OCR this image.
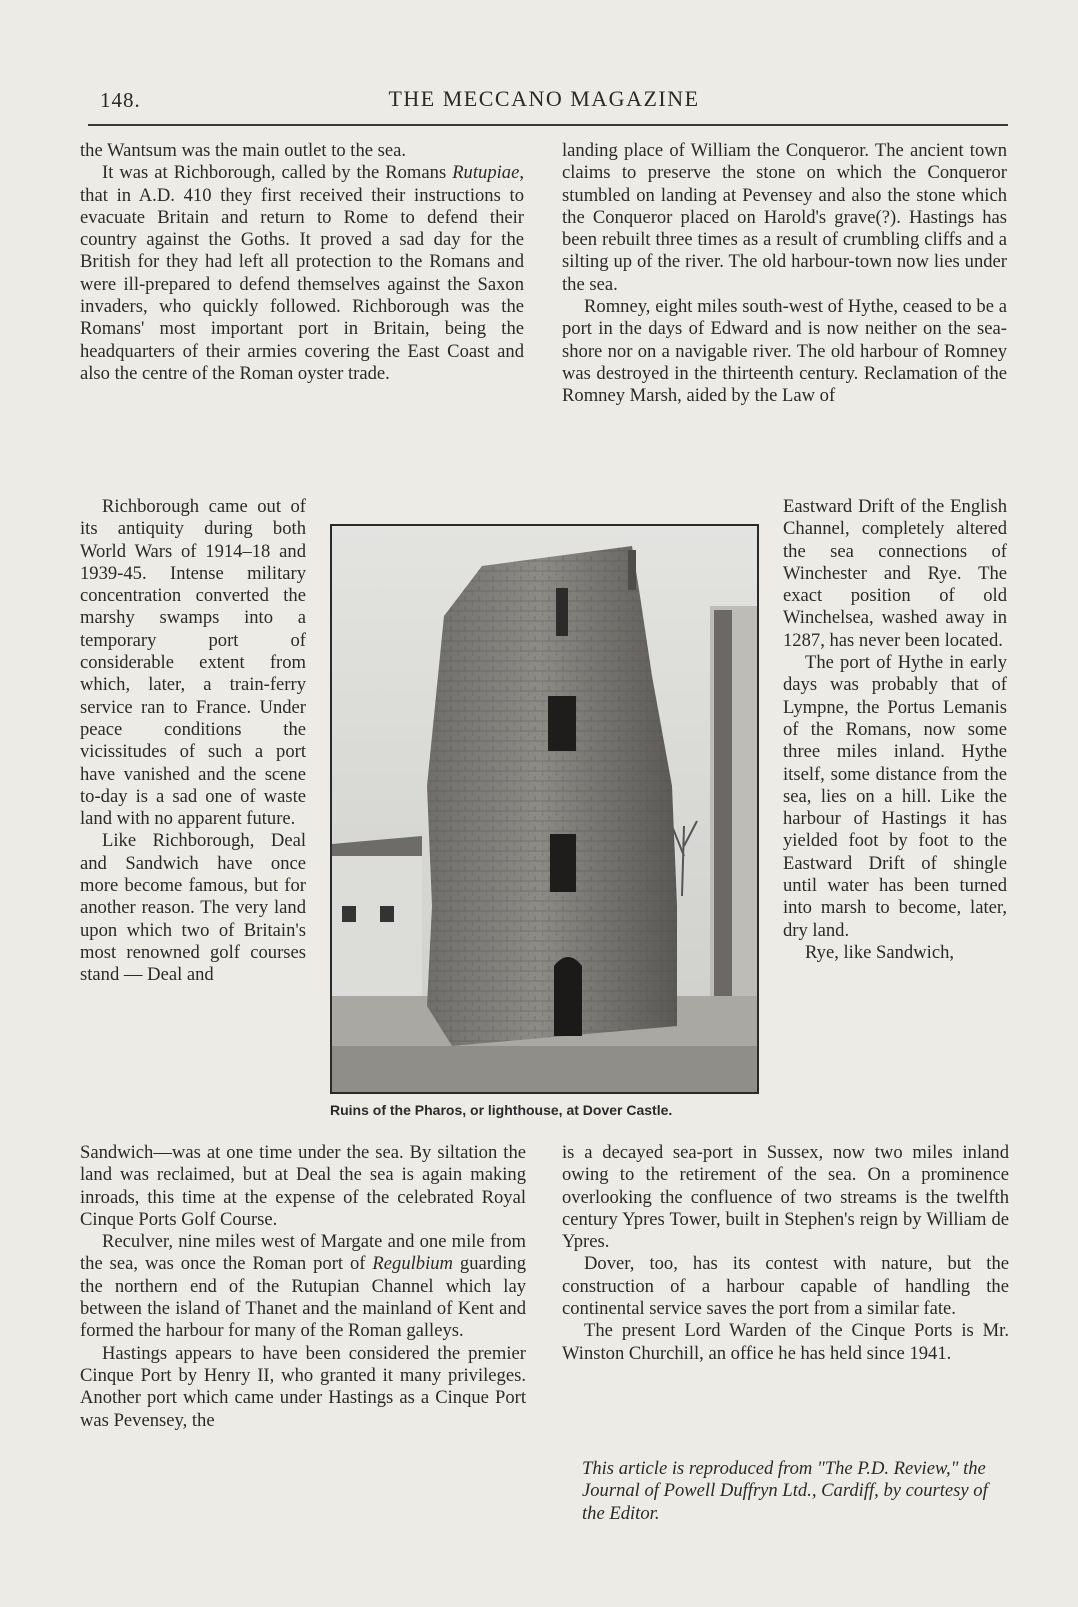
148.	THE MECCANO MAGAZINE

the Wantsum was the main outlet to the sea.

It was at Richborough, called by the Romans Rutupiae, that in A.D. 410 they first received their instructions to evacuate Britain and return to Rome to defend their country against the Goths. It proved a sad day for the British for they had left all protection to the Romans and were ill-prepared to defend themselves against the Saxon invaders, who quickly followed. Richborough was the Romans' most important port in Britain, being the headquarters of their armies covering the East Coast and also the centre of the Roman oyster trade.

Richborough came out of its antiquity during both World Wars of 1914–18 and 1939-45. Intense military concentration converted the marshy swamps into a temporary port of considerable extent from which, later, a train-ferry service ran to France. Under peace conditions the vicissitudes of such a port have vanished and the scene to-day is a sad one of waste land with no apparent future.

Like Richborough, Deal and Sandwich have once more become famous, but for another reason. The very land upon which two of Britain's most renowned golf courses stand — Deal and

Sandwich—was at one time under the sea. By siltation the land was reclaimed, but at Deal the sea is again making inroads, this time at the expense of the celebrated Royal Cinque Ports Golf Course.

Reculver, nine miles west of Margate and one mile from the sea, was once the Roman port of Regulbium guarding the northern end of the Rutupian Channel which lay between the island of Thanet and the mainland of Kent and formed the harbour for many of the Roman galleys.

Hastings appears to have been considered the premier Cinque Port by Henry II, who granted it many privileges. Another port which came under Hastings as a Cinque Port was Pevensey, the

landing place of William the Conqueror. The ancient town claims to preserve the stone on which the Conqueror stumbled on landing at Pevensey and also the stone which the Conqueror placed on Harold's grave(?). Hastings has been rebuilt three times as a result of crumbling cliffs and a silting up of the river. The old harbour-town now lies under the sea.

Romney, eight miles south-west of Hythe, ceased to be a port in the days of Edward and is now neither on the sea-shore nor on a navigable river. The old harbour of Romney was destroyed in the thirteenth century. Reclamation of the Romney Marsh, aided by the Law of

Eastward Drift of the English Channel, completely altered the sea connections of Winchester and Rye. The exact position of old Winchelsea, washed away in 1287, has never been located.

The port of Hythe in early days was probably that of Lympne, the Portus Lemanis of the Romans, now some three miles inland. Hythe itself, some distance from the sea, lies on a hill. Like the harbour of Hastings it has yielded foot by foot to the Eastward Drift of shingle until water has been turned into marsh to become, later, dry land.

Rye, like Sandwich,

is a decayed sea-port in Sussex, now two miles inland owing to the retirement of the sea. On a prominence overlooking the confluence of two streams is the twelfth century Ypres Tower, built in Stephen's reign by William de Ypres.

Dover, too, has its contest with nature, but the construction of a harbour capable of handling the continental service saves the port from a similar fate.

The present Lord Warden of the Cinque Ports is Mr. Winston Churchill, an office he has held since 1941.

This article is reproduced from "The P.D. Review," the Journal of Powell Duffryn Ltd., Cardiff, by courtesy of the Editor.
Ruins of the Pharos, or lighthouse, at Dover Castle.
